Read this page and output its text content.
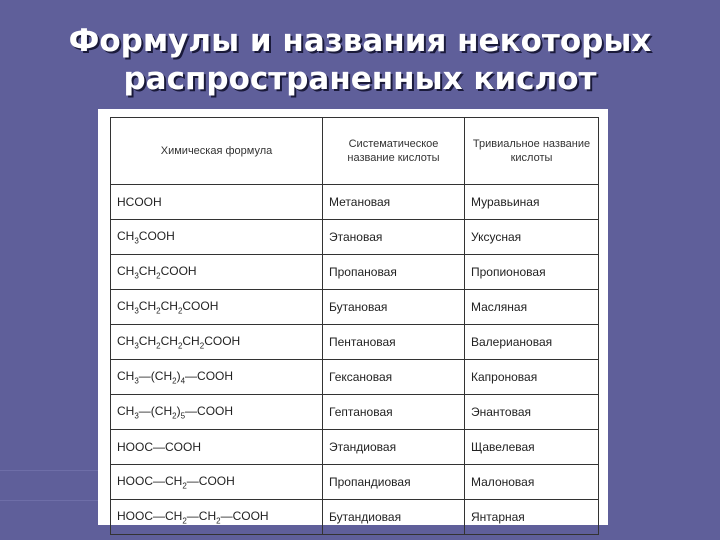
Формулы и названия некоторых
распространенных кислот
Химическая формула	Систематическое название кислоты	Тривиальное название кислоты
HCOOH	Метановая	Муравьиная
$CH_3COOH$	Этановая	Уксусная
$CH_3CH_2COOH$	Пропановая	Пропионовая
$CH_3CH_2CH_2COOH$	Бутановая	Масляная
$CH_3CH_2CH_2CH_2COOH$	Пентановая	Валериановая
$CH_3—(CH_2)_4—COOH$	Гексановая	Капроновая
$CH_3—(CH_2)_5—COOH$	Гептановая	Энантовая
HOOC—COOH	Этандиовая	Щавелевая
$HOOC—CH_2—COOH$	Пропандиовая	Малоновая
$HOOC—CH_2—CH_2—COOH$	Бутандиовая	Янтарная
